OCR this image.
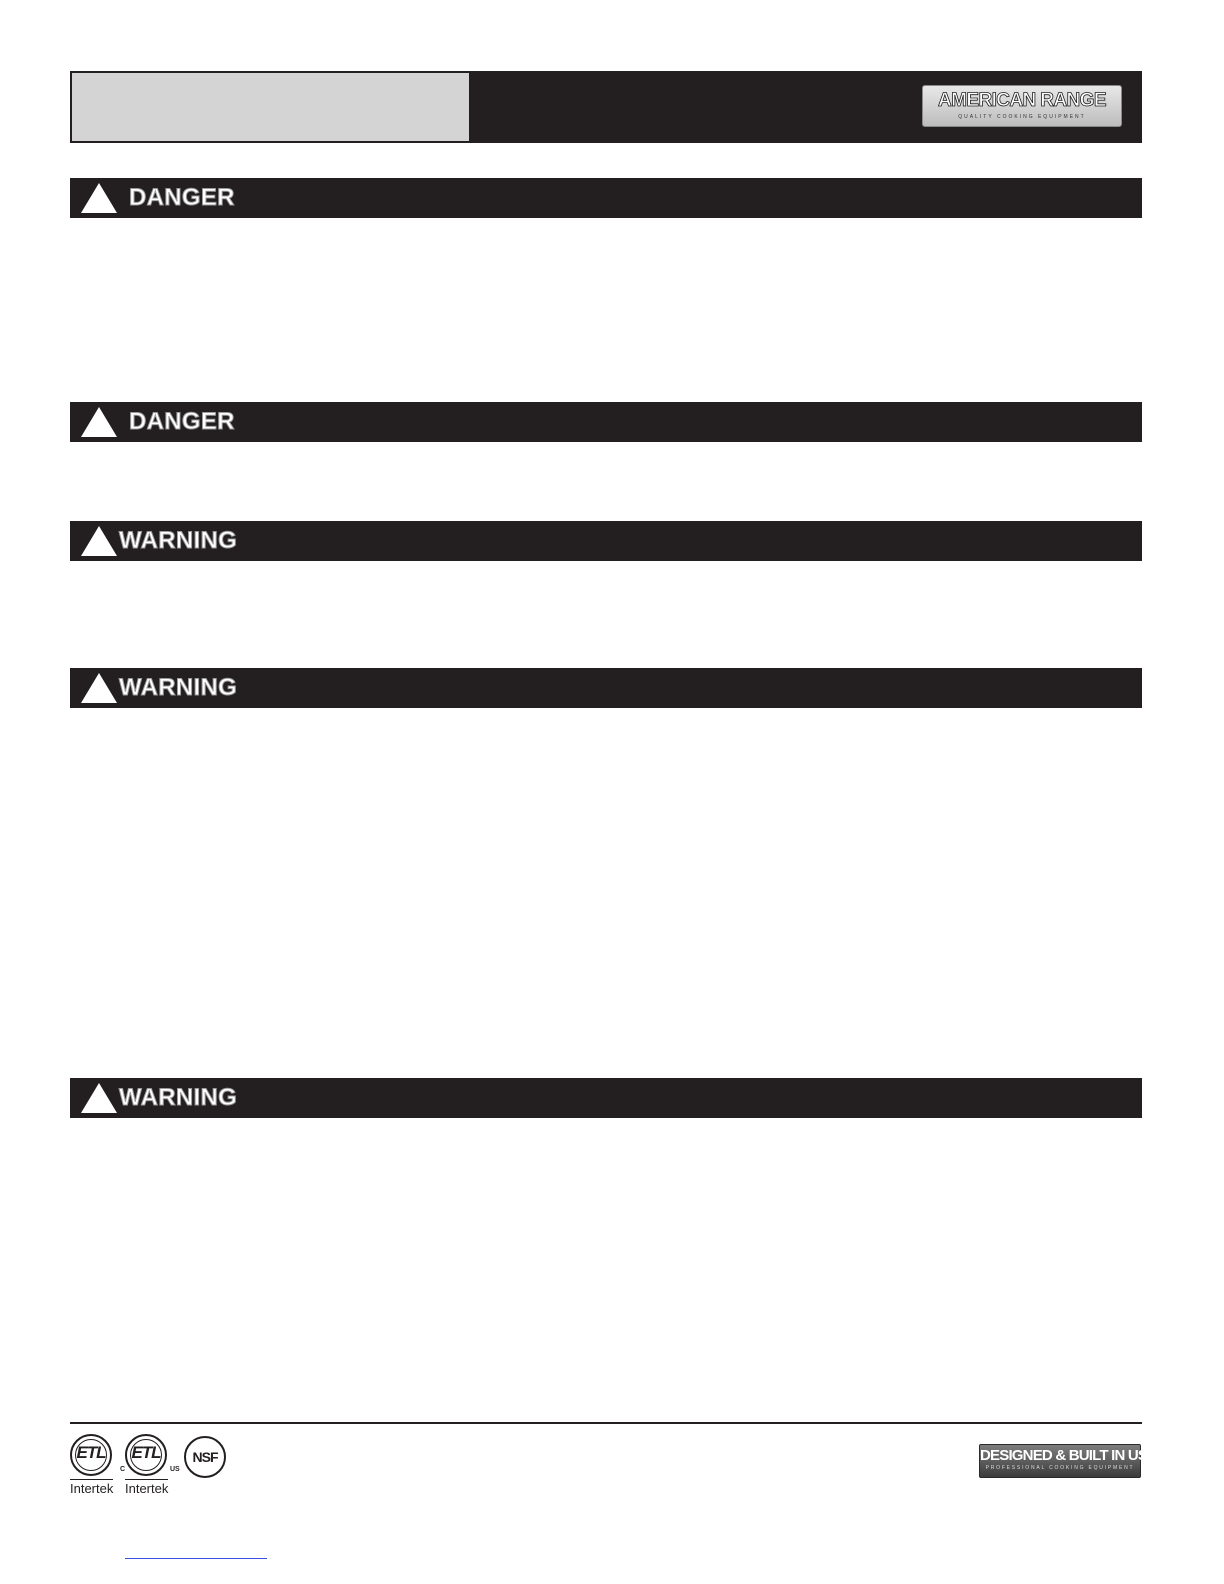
AMERICAN RANGE
QUALITY COOKING EQUIPMENT
DANGER
DANGER
WARNING
WARNING
WARNING
ETL
Intertek
ETL
Intertek
C	US
NSF	DESIGNED & BUILT IN USA
PROFESSIONAL COOKING EQUIPMENT
